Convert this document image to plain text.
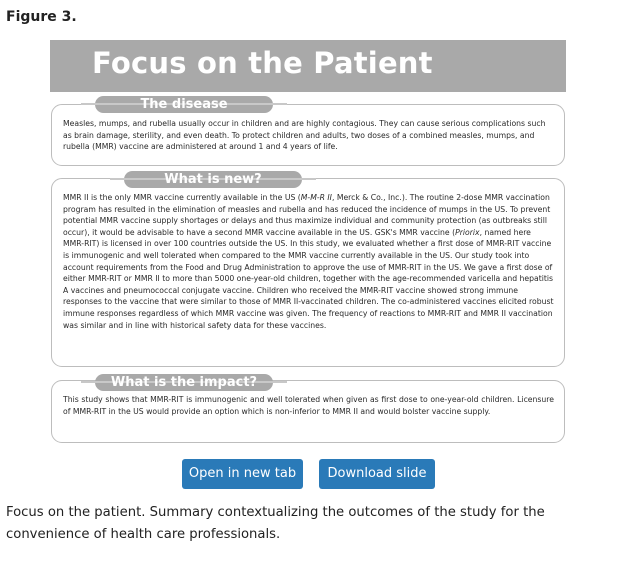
Figure 3.
Focus on the Patient
Measles, mumps, and rubella usually occur in children and are highly contagious. They can cause serious complications such as brain damage, sterility, and even death. To protect children and adults, two doses of a combined measles, mumps, and rubella (MMR) vaccine are administered at around 1 and 4 years of life.
The disease

MMR II is the only MMR vaccine currently available in the US (M-M-R II, Merck & Co., Inc.). The routine 2-dose MMR vaccination program has resulted in the elimination of measles and rubella and has reduced the incidence of mumps in the US. To prevent potential MMR vaccine supply shortages or delays and thus maximize individual and community protection (as outbreaks still occur), it would be advisable to have a second MMR vaccine available in the US. GSK's MMR vaccine (Priorix, named here MMR-RIT) is licensed in over 100 countries outside the US. In this study, we evaluated whether a first dose of MMR-RIT vaccine is immunogenic and well tolerated when compared to the MMR vaccine currently available in the US. Our study took into account requirements from the Food and Drug Administration to approve the use of MMR-RIT in the US. We gave a first dose of either MMR-RIT or MMR II to more than 5000 one-year-old children, together with the age-recommended varicella and hepatitis A vaccines and pneumococcal conjugate vaccine. Children who received the MMR-RIT vaccine showed strong immune responses to the vaccine that were similar to those of MMR II-vaccinated children. The co-administered vaccines elicited robust immune responses regardless of which MMR vaccine was given. The frequency of reactions to MMR-RIT and MMR II vaccination was similar and in line with historical safety data for these vaccines.

What is new?
This study shows that MMR-RIT is immunogenic and well tolerated when given as first dose to one-year-old children. Licensure of MMR-RIT in the US would provide an option which is non-inferior to MMR II and would bolster vaccine supply.
What is the impact?
Open in new tab	Download slide
Focus on the patient. Summary contextualizing the outcomes of the study for the convenience of health care professionals.
